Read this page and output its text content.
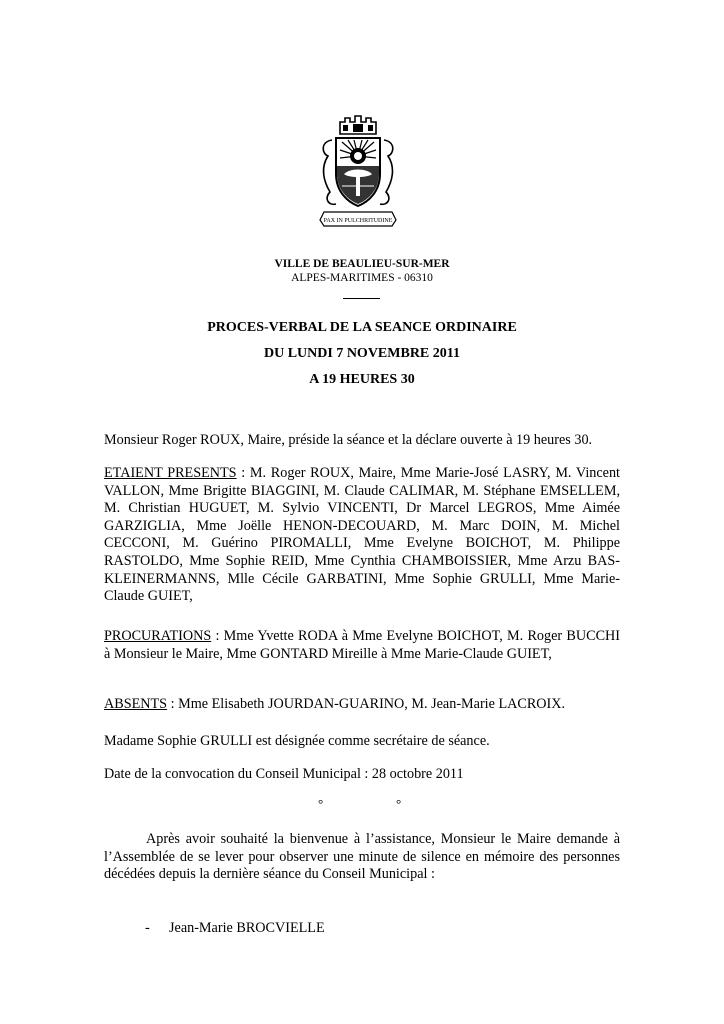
PAX IN PULCHRITUDINE
VILLE DE BEAULIEU-SUR-MER
ALPES-MARITIMES - 06310
PROCES-VERBAL DE LA SEANCE ORDINAIRE
DU LUNDI 7 NOVEMBRE 2011
A 19 HEURES 30

Monsieur Roger ROUX, Maire, préside la séance et la déclare ouverte à 19 heures 30.

ETAIENT PRESENTS : M. Roger ROUX, Maire, Mme Marie-José LASRY, M. Vincent VALLON, Mme Brigitte BIAGGINI, M. Claude CALIMAR, M. Stéphane EMSELLEM, M. Christian HUGUET, M. Sylvio VINCENTI, Dr Marcel LEGROS, Mme Aimée GARZIGLIA, Mme Joëlle HENON-DECOUARD, M. Marc DOIN, M. Michel CECCONI, M. Guérino PIROMALLI, Mme Evelyne BOICHOT, M. Philippe RASTOLDO, Mme Sophie REID, Mme Cynthia CHAMBOISSIER, Mme Arzu BAS-KLEINERMANNS, Mlle Cécile GARBATINI, Mme Sophie GRULLI, Mme Marie-Claude GUIET,

PROCURATIONS : Mme Yvette RODA à Mme Evelyne BOICHOT, M. Roger BUCCHI à Monsieur le Maire, Mme GONTARD Mireille à Mme Marie-Claude GUIET,

ABSENTS : Mme Elisabeth JOURDAN-GUARINO, M. Jean-Marie LACROIX.

Madame Sophie GRULLI est désignée comme secrétaire de séance.

Date de la convocation du Conseil Municipal : 28 octobre 2011

°	°

Après avoir souhaité la bienvenue à l’assistance, Monsieur le Maire demande à l’Assemblée de se lever pour observer une minute de silence en mémoire des personnes décédées depuis la dernière séance du Conseil Municipal :

- Jean-Marie BROCVIELLE
